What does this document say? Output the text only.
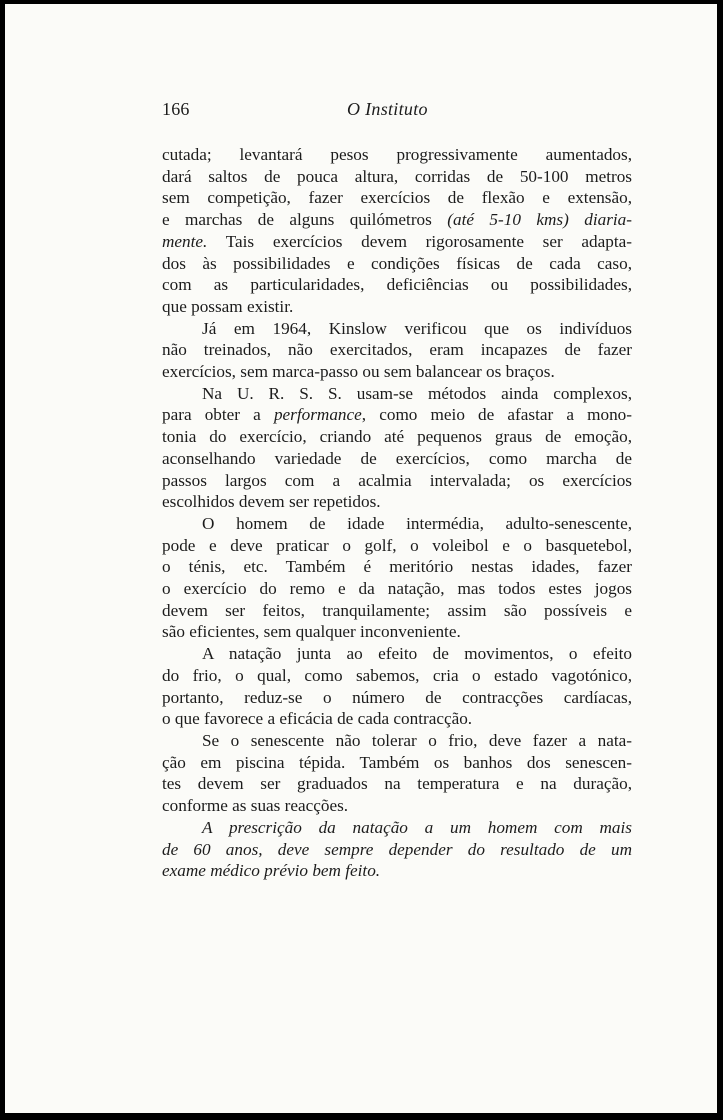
166	O Instituto

cutada; levantará pesos progressivamente aumentados,
dará saltos de pouca altura, corridas de 50-100 metros
sem competição, fazer exercícios de flexão e extensão,
e marchas de alguns quilómetros (até 5-10 kms) diaria-
mente. Tais exercícios devem rigorosamente ser adapta-
dos às possibilidades e condições físicas de cada caso,
com as particularidades, deficiências ou possibilidades,
que possam existir.

Já em 1964, Kinslow verificou que os indivíduos
não treinados, não exercitados, eram incapazes de fazer
exercícios, sem marca-passo ou sem balancear os braços.

Na U. R. S. S. usam-se métodos ainda complexos,
para obter a performance, como meio de afastar a mono-
tonia do exercício, criando até pequenos graus de emoção,
aconselhando variedade de exercícios, como marcha de
passos largos com a acalmia intervalada; os exercícios
escolhidos devem ser repetidos.

O homem de idade intermédia, adulto-senescente,
pode e deve praticar o golf, o voleibol e o basquetebol,
o ténis, etc. Também é meritório nestas idades, fazer
o exercício do remo e da natação, mas todos estes jogos
devem ser feitos, tranquilamente; assim são possíveis e
são eficientes, sem qualquer inconveniente.

A natação junta ao efeito de movimentos, o efeito
do frio, o qual, como sabemos, cria o estado vagotónico,
portanto, reduz-se o número de contracções cardíacas,
o que favorece a eficácia de cada contracção.

Se o senescente não tolerar o frio, deve fazer a nata-
ção em piscina tépida. Também os banhos dos senescen-
tes devem ser graduados na temperatura e na duração,
conforme as suas reacções.

A prescrição da natação a um homem com mais
de 60 anos, deve sempre depender do resultado de um
exame médico prévio bem feito.
